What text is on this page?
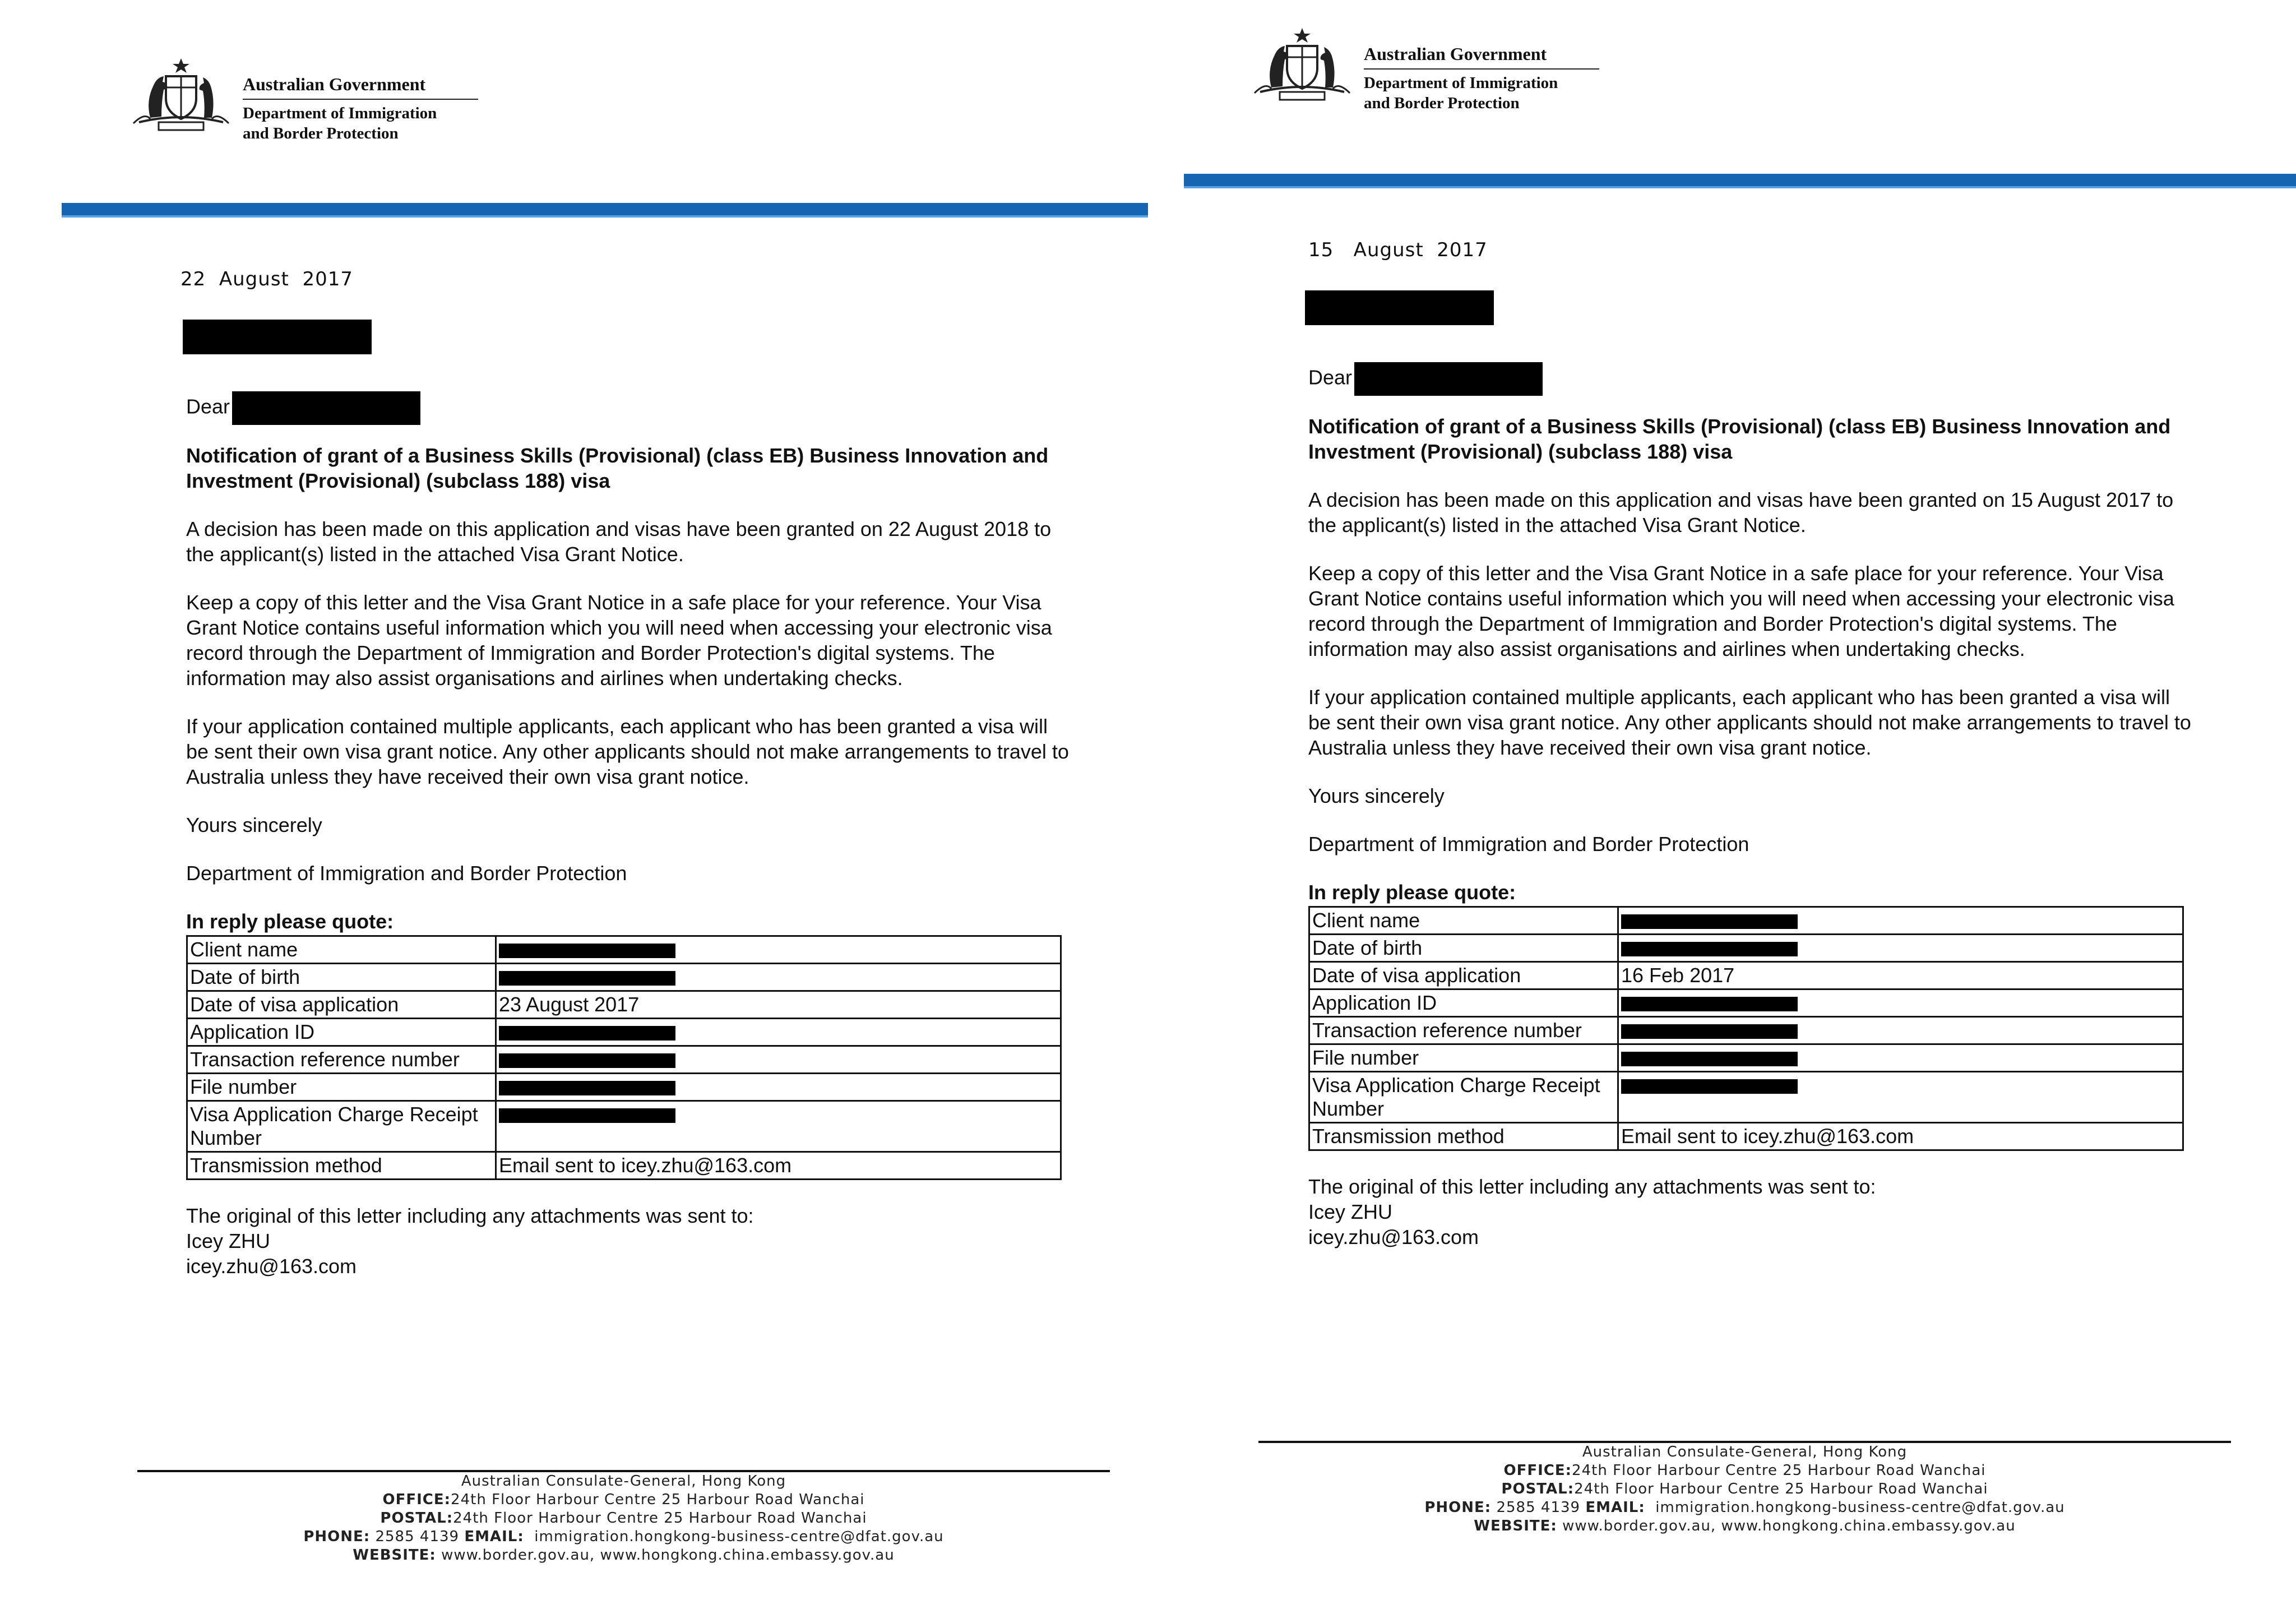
Australian Government
Department of Immigration
and Border Protection
22  August  2017
Dear

Notification of grant of a Business Skills (Provisional) (class EB) Business Innovation and Investment (Provisional) (subclass 188) visa

A decision has been made on this application and visas have been granted on 22 August 2018 to the applicant(s) listed in the attached Visa Grant Notice.

Keep a copy of this letter and the Visa Grant Notice in a safe place for your reference. Your Visa Grant Notice contains useful information which you will need when accessing your electronic visa record through the Department of Immigration and Border Protection's digital systems. The information may also assist organisations and airlines when undertaking checks.

If your application contained multiple applicants, each applicant who has been granted a visa will be sent their own visa grant notice. Any other applicants should not make arrangements to travel to Australia unless they have received their own visa grant notice.

Yours sincerely

Department of Immigration and Border Protection

In reply please quote:

Client name	
Date of birth	
Date of visa application	23 August 2017
Application ID	
Transaction reference number	
File number	
Visa Application Charge Receipt Number	
Transmission method	Email sent to icey.zhu@163.com
The original of this letter including any attachments was sent to:
Icey ZHU
icey.zhu@163.com
Australian Consulate-General, Hong Kong
OFFICE:24th Floor Harbour Centre 25 Harbour Road Wanchai
POSTAL:24th Floor Harbour Centre 25 Harbour Road Wanchai
PHONE: 2585 4139 EMAIL: immigration.hongkong-business-centre@dfat.gov.au
WEBSITE: www.border.gov.au, www.hongkong.china.embassy.gov.au
Australian Government
Department of Immigration
and Border Protection
15   August  2017
Dear

Notification of grant of a Business Skills (Provisional) (class EB) Business Innovation and Investment (Provisional) (subclass 188) visa

A decision has been made on this application and visas have been granted on 15 August 2017 to the applicant(s) listed in the attached Visa Grant Notice.

Keep a copy of this letter and the Visa Grant Notice in a safe place for your reference. Your Visa Grant Notice contains useful information which you will need when accessing your electronic visa record through the Department of Immigration and Border Protection's digital systems. The information may also assist organisations and airlines when undertaking checks.

If your application contained multiple applicants, each applicant who has been granted a visa will be sent their own visa grant notice. Any other applicants should not make arrangements to travel to Australia unless they have received their own visa grant notice.

Yours sincerely

Department of Immigration and Border Protection

In reply please quote:

Client name	
Date of birth	
Date of visa application	16 Feb 2017
Application ID	
Transaction reference number	
File number	
Visa Application Charge Receipt Number	
Transmission method	Email sent to icey.zhu@163.com
The original of this letter including any attachments was sent to:
Icey ZHU
icey.zhu@163.com
Australian Consulate-General, Hong Kong
OFFICE:24th Floor Harbour Centre 25 Harbour Road Wanchai
POSTAL:24th Floor Harbour Centre 25 Harbour Road Wanchai
PHONE: 2585 4139 EMAIL: immigration.hongkong-business-centre@dfat.gov.au
WEBSITE: www.border.gov.au, www.hongkong.china.embassy.gov.au
